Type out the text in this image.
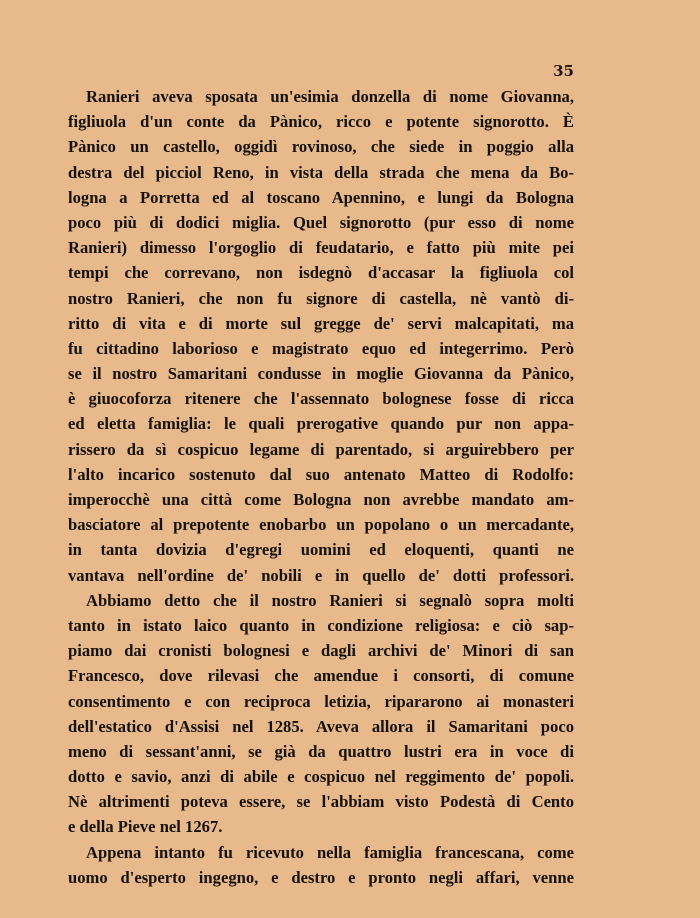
35
Ranieri aveva sposata un'esimia donzella di nome Giovanna,
figliuola d'un conte da Pànico, ricco e potente signorotto. È
Pànico un castello, oggidì rovinoso, che siede in poggio alla
destra del picciol Reno, in vista della strada che mena da Bo-
logna a Porretta ed al toscano Apennino, e lungi da Bologna
poco più di dodici miglia. Quel signorotto (pur esso di nome
Ranieri) dimesso l'orgoglio di feudatario, e fatto più mite pei
tempi che correvano, non isdegnò d'accasar la figliuola col
nostro Ranieri, che non fu signore di castella, nè vantò di-
ritto di vita e di morte sul gregge de' servi malcapitati, ma
fu cittadino laborioso e magistrato equo ed integerrimo. Però
se il nostro Samaritani condusse in moglie Giovanna da Pànico,
è giuocoforza ritenere che l'assennato bolognese fosse di ricca
ed eletta famiglia: le quali prerogative quando pur non appa-
rissero da sì cospicuo legame di parentado, si arguirebbero per
l'alto incarico sostenuto dal suo antenato Matteo di Rodolfo:
imperocchè una città come Bologna non avrebbe mandato am-
basciatore al prepotente enobarbo un popolano o un mercadante,
in tanta dovizia d'egregi uomini ed eloquenti, quanti ne
vantava nell'ordine de' nobili e in quello de' dotti professori.
Abbiamo detto che il nostro Ranieri si segnalò sopra molti
tanto in istato laico quanto in condizione religiosa: e ciò sap-
piamo dai cronisti bolognesi e dagli archivi de' Minori di san
Francesco, dove rilevasi che amendue i consorti, di comune
consentimento e con reciproca letizia, ripararono ai monasteri
dell'estatico d'Assisi nel 1285. Aveva allora il Samaritani poco
meno di sessant'anni, se già da quattro lustri era in voce di
dotto e savio, anzi di abile e cospicuo nel reggimento de' popoli.
Nè altrimenti poteva essere, se l'abbiam visto Podestà di Cento
e della Pieve nel 1267.
Appena intanto fu ricevuto nella famiglia francescana, come
uomo d'esperto ingegno, e destro e pronto negli affari, venne
